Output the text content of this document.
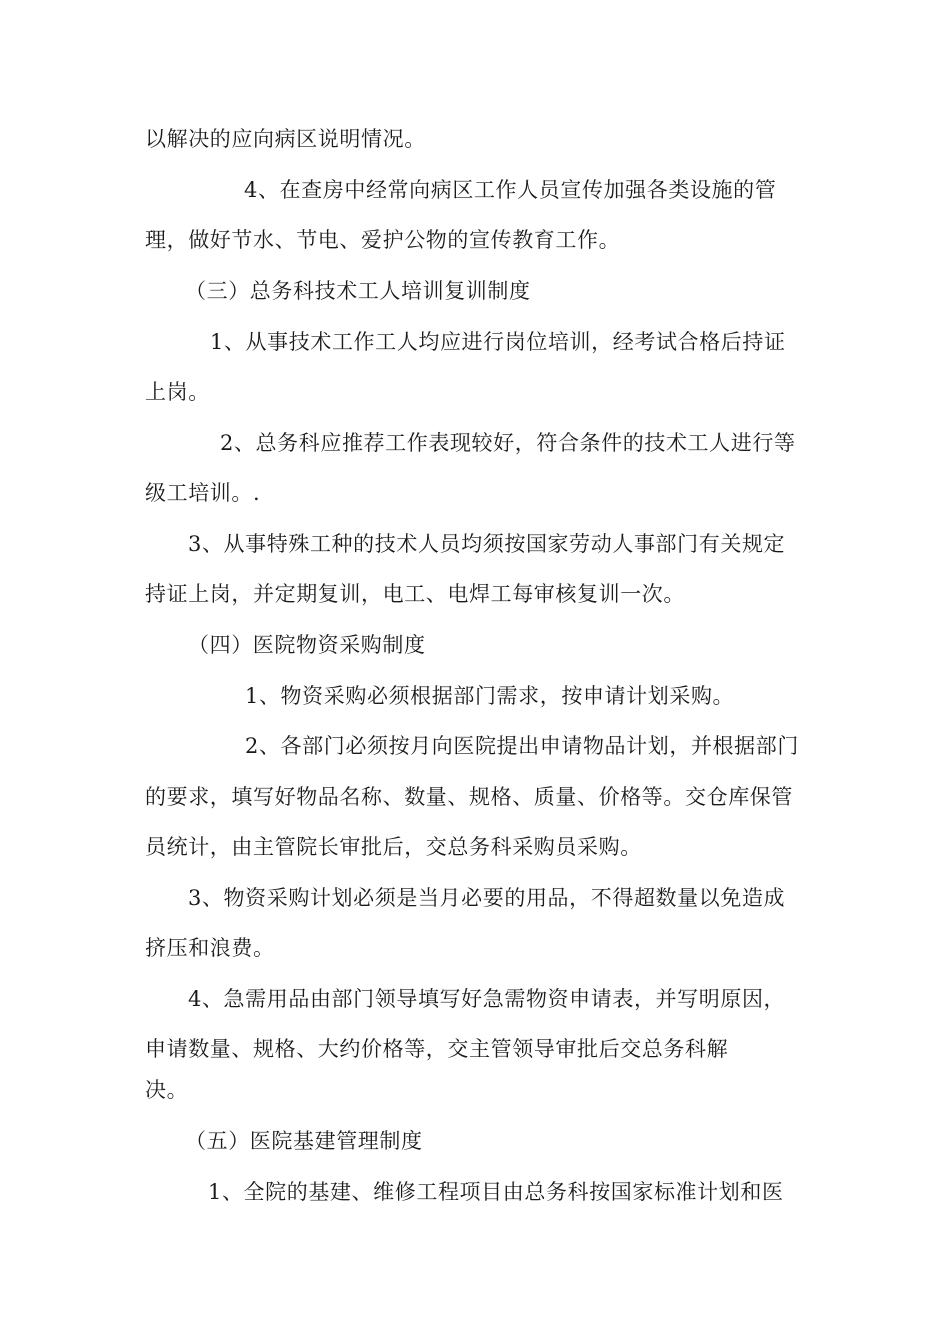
以解决的应向病区说明情况。
4、在查房中经常向病区工作人员宣传加强各类设施的管
理，做好节水、节电、爱护公物的宣传教育工作。
（三）总务科技术工人培训复训制度
1、从事技术工作工人均应进行岗位培训，经考试合格后持证
上岗。
2、总务科应推荐工作表现较好，符合条件的技术工人进行等
级工培训。.
3、从事特殊工种的技术人员均须按国家劳动人事部门有关规定
持证上岗，并定期复训，电工、电焊工每审核复训一次。
（四）医院物资采购制度
1、物资采购必须根据部门需求，按申请计划采购。
2、各部门必须按月向医院提出申请物品计划，并根据部门
的要求，填写好物品名称、数量、规格、质量、价格等。交仓库保管
员统计，由主管院长审批后，交总务科采购员采购。
3、物资采购计划必须是当月必要的用品，不得超数量以免造成
挤压和浪费。
4、急需用品由部门领导填写好急需物资申请表，并写明原因，
申请数量、规格、大约价格等，交主管领导审批后交总务科解
决。
（五）医院基建管理制度
1、全院的基建、维修工程项目由总务科按国家标准计划和医
